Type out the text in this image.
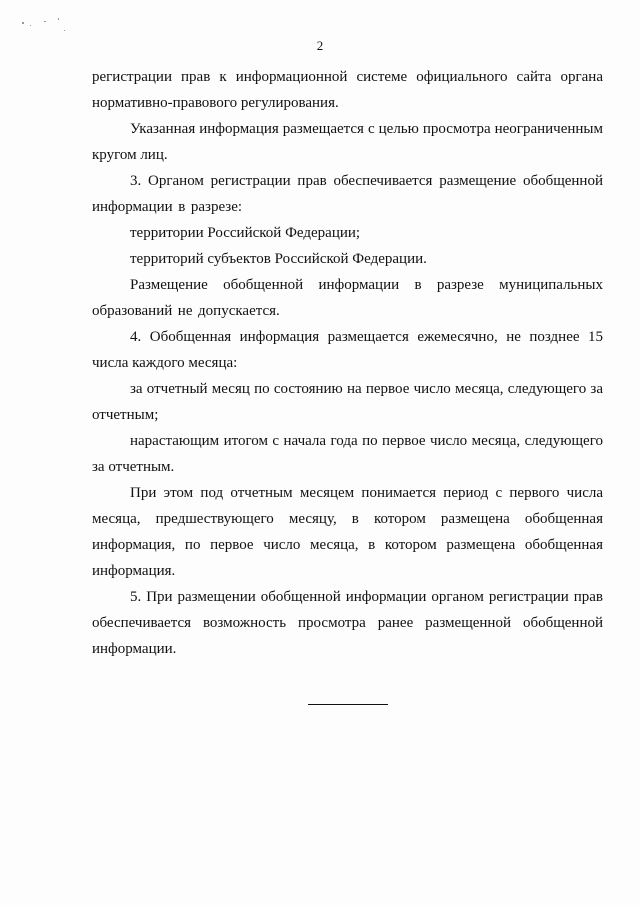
2

регистрации прав к информационной системе официального сайта органа нормативно-правового регулирования.

Указанная информация размещается с целью просмотра неограниченным кругом лиц.

3. Органом регистрации прав обеспечивается размещение обобщенной информации в разрезе:

территории Российской Федерации;

территорий субъектов Российской Федерации.

Размещение обобщенной информации в разрезе муниципальных образований не допускается.

4. Обобщенная информация размещается ежемесячно, не позднее 15 числа каждого месяца:

за отчетный месяц по состоянию на первое число месяца, следующего за отчетным;

нарастающим итогом с начала года по первое число месяца, следующего за отчетным.

При этом под отчетным месяцем понимается период с первого числа месяца, предшествующего месяцу, в котором размещена обобщенная информация, по первое число месяца, в котором размещена обобщенная информация.

5. При размещении обобщенной информации органом регистрации прав обеспечивается возможность просмотра ранее размещенной обобщенной информации.
